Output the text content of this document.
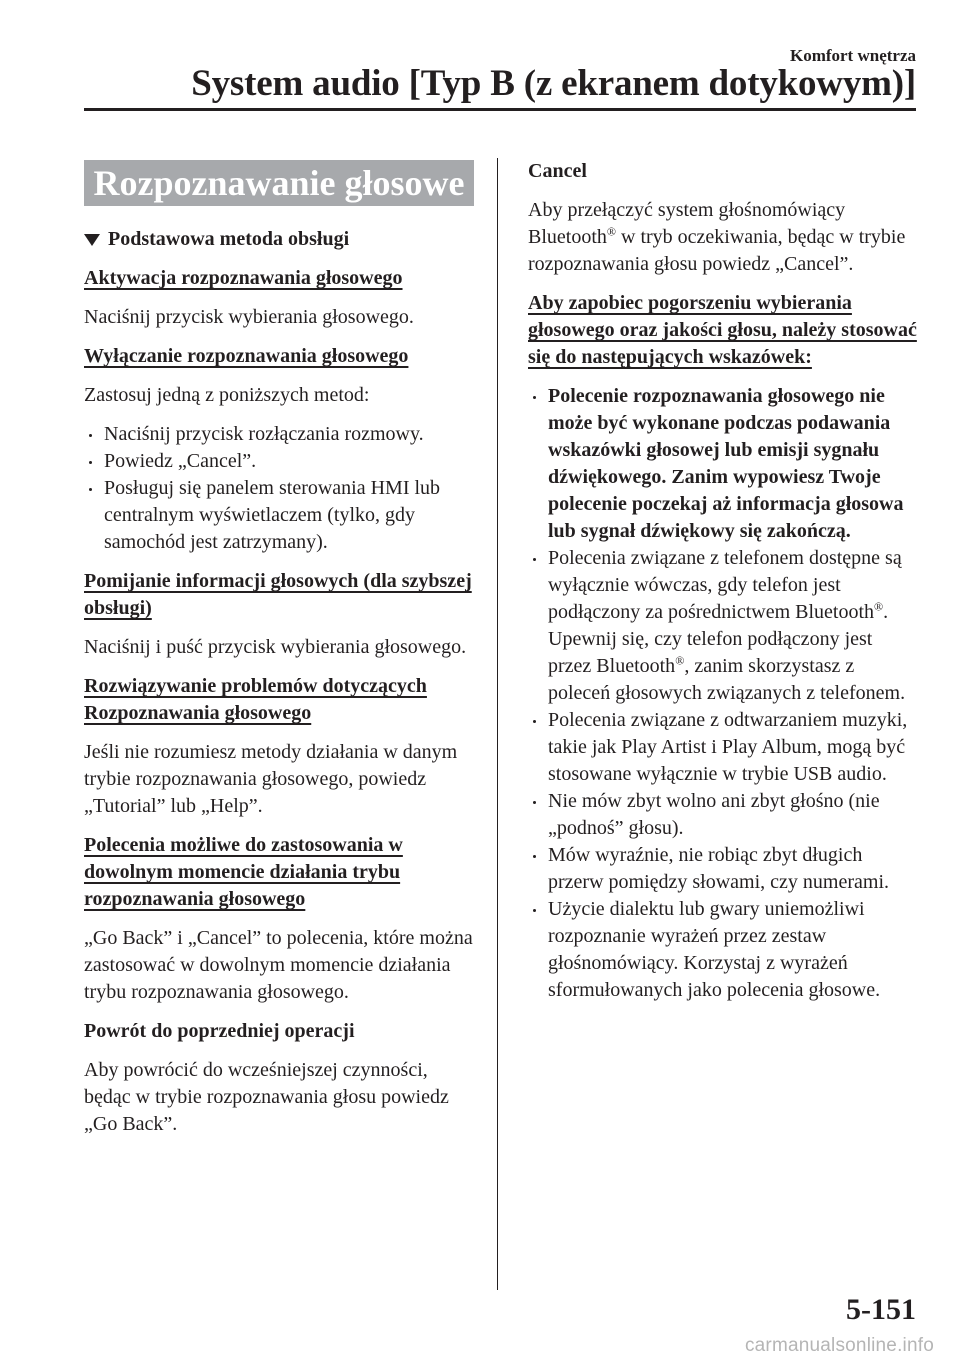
Komfort wnętrza
System audio [Typ B (z ekranem dotykowym)]
Rozpoznawanie głosowe
Podstawowa metoda obsługi
Aktywacja rozpoznawania głosowego

Naciśnij przycisk wybierania głosowego.

Wyłączanie rozpoznawania głosowego

Zastosuj jedną z poniższych metod:

Naciśnij przycisk rozłączania rozmowy.
Powiedz „Cancel”.
Posługuj się panelem sterowania HMI lub centralnym wyświetlaczem (tylko, gdy samochód jest zatrzymany).
Pomijanie informacji głosowych (dla szybszej obsługi)

Naciśnij i puść przycisk wybierania głosowego.

Rozwiązywanie problemów dotyczących Rozpoznawania głosowego

Jeśli nie rozumiesz metody działania w danym trybie rozpoznawania głosowego, powiedz „Tutorial” lub „Help”.

Polecenia możliwe do zastosowania w dowolnym momencie działania trybu rozpoznawania głosowego

„Go Back” i „Cancel” to polecenia, które można zastosować w dowolnym momencie działania trybu rozpoznawania głosowego.

Powrót do poprzedniej operacji

Aby powrócić do wcześniejszej czynności, będąc w trybie rozpoznawania głosu powiedz „Go Back”.

Cancel

Aby przełączyć system głośnomówiący Bluetooth® w tryb oczekiwania, będąc w trybie rozpoznawania głosu powiedz „Cancel”.

Aby zapobiec pogorszeniu wybierania głosowego oraz jakości głosu, należy stosować się do następujących wskazówek:
Polecenie rozpoznawania głosowego nie może być wykonane podczas podawania wskazówki głosowej lub emisji sygnału dźwiękowego. Zanim wypowiesz Twoje polecenie poczekaj aż informacja głosowa lub sygnał dźwiękowy się zakończą.
Polecenia związane z telefonem dostępne są wyłącznie wówczas, gdy telefon jest podłączony za pośrednictwem Bluetooth®. Upewnij się, czy telefon podłączony jest przez Bluetooth®, zanim skorzystasz z poleceń głosowych związanych z telefonem.
Polecenia związane z odtwarzaniem muzyki, takie jak Play Artist i Play Album, mogą być stosowane wyłącznie w trybie USB audio.
Nie mów zbyt wolno ani zbyt głośno (nie „podnoś” głosu).
Mów wyraźnie, nie robiąc zbyt długich przerw pomiędzy słowami, czy numerami.
Użycie dialektu lub gwary uniemożliwi rozpoznanie wyrażeń przez zestaw głośnomówiący. Korzystaj z wyrażeń sformułowanych jako polecenia głosowe.
5-151
carmanualsonline.info
